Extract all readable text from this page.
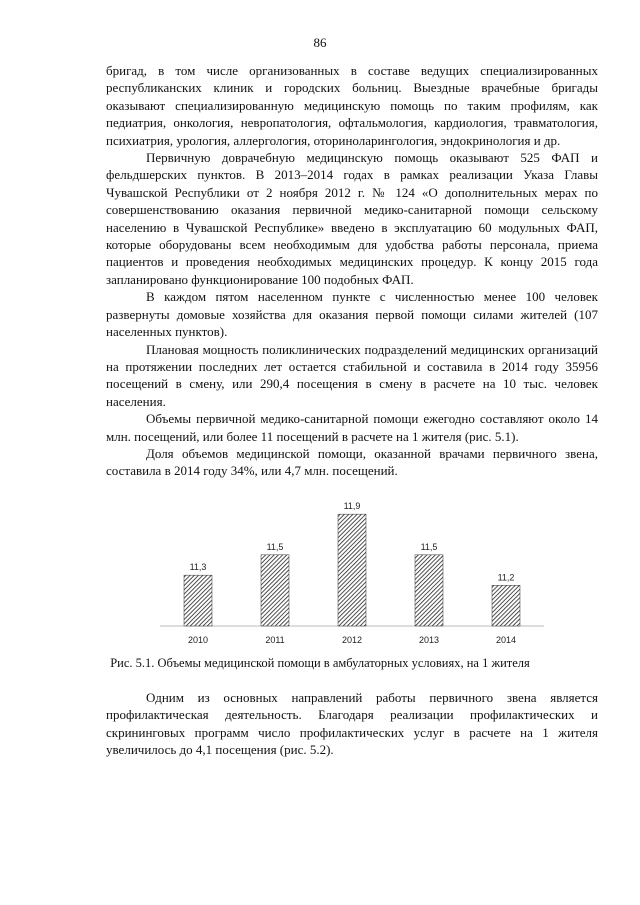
86

бригад, в том числе организованных в составе ведущих специализированных республиканских клиник и городских больниц. Выездные врачебные бригады оказывают специализированную медицинскую помощь по таким профилям, как педиатрия, онкология, невропатология, офтальмология, кардиология, травматология, психиатрия, урология, аллергология, оториноларингология, эндокринология и др.

Первичную доврачебную медицинскую помощь оказывают 525 ФАП и фельдшерских пунктов. В 2013–2014 годах в рамках реализации Указа Главы Чувашской Республики от 2 ноября 2012 г. № 124 «О дополнительных мерах по совершенствованию оказания первичной медико-санитарной помощи сельскому населению в Чувашской Республике» введено в эксплуатацию 60 модульных ФАП, которые оборудованы всем необходимым для удобства работы персонала, приема пациентов и проведения необходимых медицинских процедур. К концу 2015 года запланировано функционирование 100 подобных ФАП.

В каждом пятом населенном пункте с численностью менее 100 человек развернуты домовые хозяйства для оказания первой помощи силами жителей (107 населенных пунктов).

Плановая мощность поликлинических подразделений медицинских организаций на протяжении последних лет остается стабильной и составила в 2014 году 35956 посещений в смену, или 290,4 посещения в смену в расчете на 10 тыс. человек населения.

Объемы первичной медико-санитарной помощи ежегодно составляют около 14 млн. посещений, или более 11 посещений в расчете на 1 жителя (рис. 5.1).

Доля объемов медицинской помощи, оказанной врачами первичного звена, составила в 2014 году 34%, или 4,7 млн. посещений.

11,3
2010
11,5
2011
11,9
2012
11,5
2013
11,2
2014
Рис. 5.1. Объемы медицинской помощи в амбулаторных условиях, на 1 жителя

Одним из основных направлений работы первичного звена является профилактическая деятельность. Благодаря реализации профилактических и скрининговых программ число профилактических услуг в расчете на 1 жителя увеличилось до 4,1 посещения (рис. 5.2).
